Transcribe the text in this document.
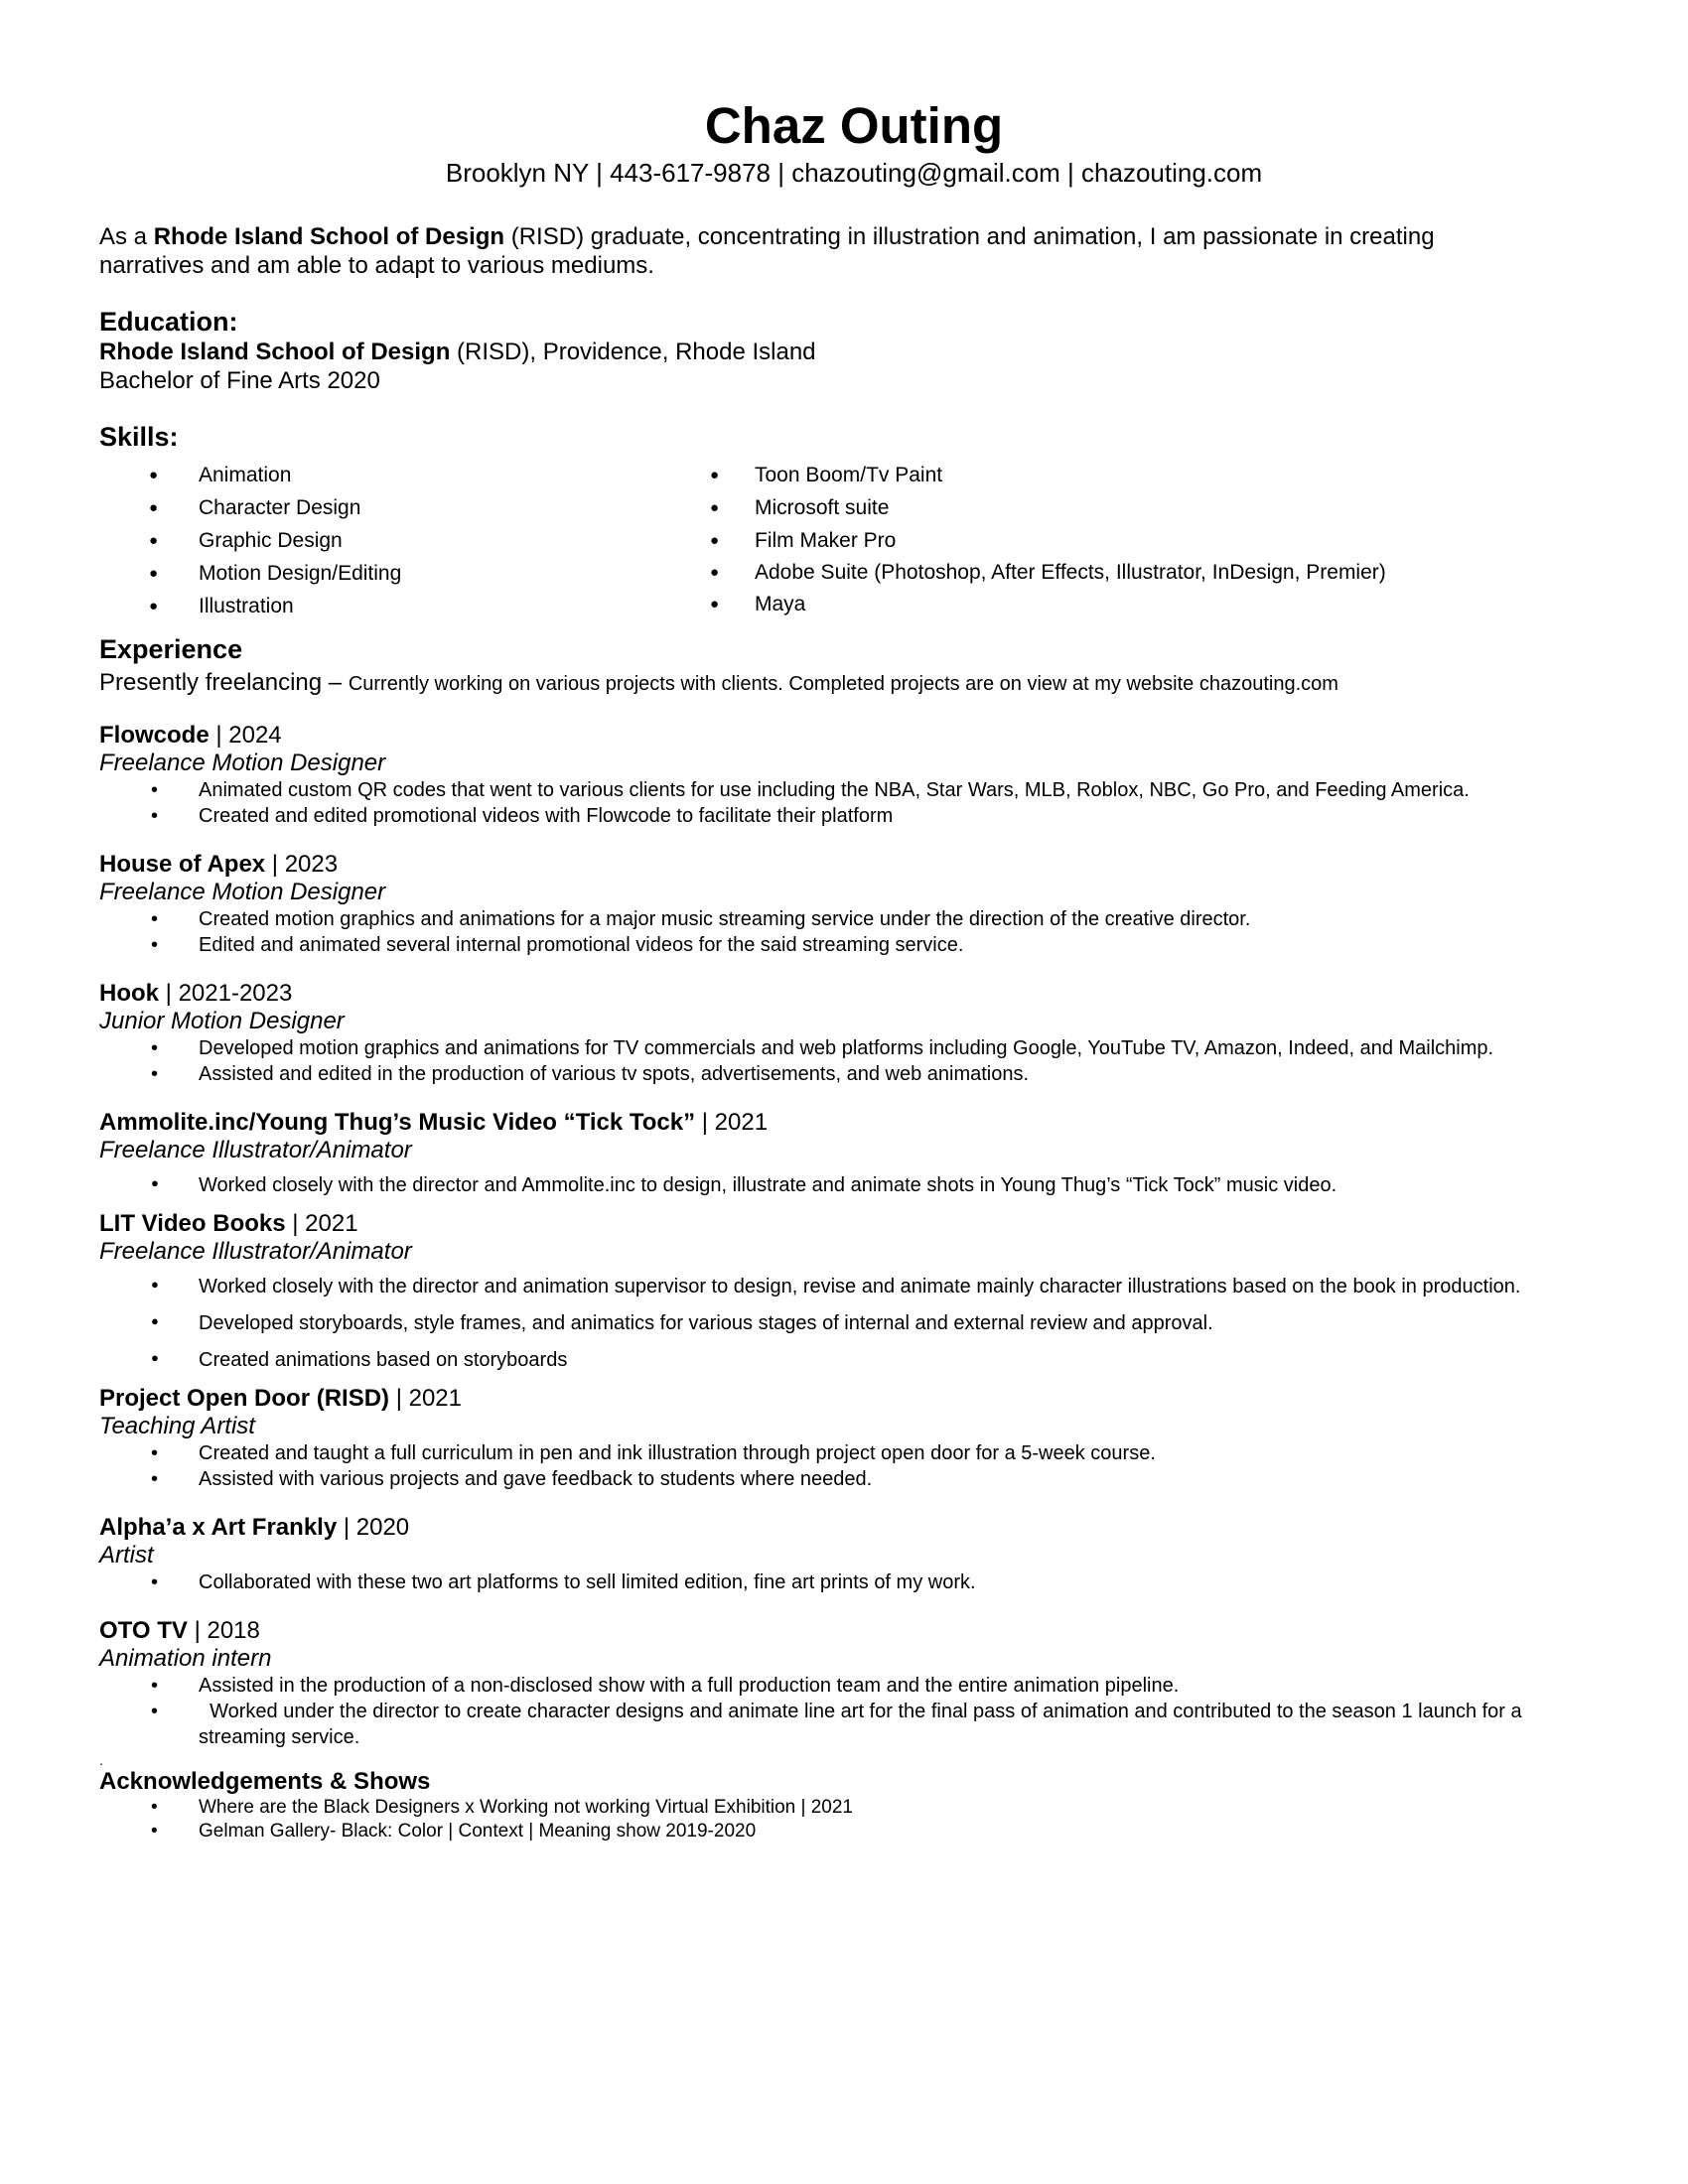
Chaz Outing
Brooklyn NY | 443-617-9878 | chazouting@gmail.com | chazouting.com

As a Rhode Island School of Design (RISD) graduate, concentrating in illustration and animation, I am passionate in creating narratives and am able to adapt to various mediums.

Education:
Rhode Island School of Design (RISD), Providence, Rhode Island
Bachelor of Fine Arts 2020
Skills:
● Animation
● Character Design
● Graphic Design
● Motion Design/Editing
● Illustration
● Toon Boom/Tv Paint
● Microsoft suite
● Film Maker Pro
● Adobe Suite (Photoshop, After Effects, Illustrator, InDesign, Premier)
● Maya
Experience
Presently freelancing – Currently working on various projects with clients. Completed projects are on view at my website chazouting.com
Flowcode | 2024
Freelance Motion Designer
• Animated custom QR codes that went to various clients for use including the NBA, Star Wars, MLB, Roblox, NBC, Go Pro, and Feeding America.
• Created and edited promotional videos with Flowcode to facilitate their platform
House of Apex | 2023
Freelance Motion Designer
• Created motion graphics and animations for a major music streaming service under the direction of the creative director.
• Edited and animated several internal promotional videos for the said streaming service.
Hook | 2021-2023
Junior Motion Designer
• Developed motion graphics and animations for TV commercials and web platforms including Google, YouTube TV, Amazon, Indeed, and Mailchimp.
• Assisted and edited in the production of various tv spots, advertisements, and web animations.
Ammolite.inc/Young Thug’s Music Video “Tick Tock” | 2021
Freelance Illustrator/Animator
● Worked closely with the director and Ammolite.inc to design, illustrate and animate shots in Young Thug’s “Tick Tock” music video.
LIT Video Books | 2021
Freelance Illustrator/Animator
● Worked closely with the director and animation supervisor to design, revise and animate mainly character illustrations based on the book in production.
● Developed storyboards, style frames, and animatics for various stages of internal and external review and approval.
● Created animations based on storyboards
Project Open Door (RISD) | 2021
Teaching Artist
• Created and taught a full curriculum in pen and ink illustration through project open door for a 5-week course.
• Assisted with various projects and gave feedback to students where needed.
Alpha’a x Art Frankly | 2020
Artist
• Collaborated with these two art platforms to sell limited edition, fine art prints of my work.
OTO TV | 2018
Animation intern
• Assisted in the production of a non-disclosed show with a full production team and the entire animation pipeline.
•   Worked under the director to create character designs and animate line art for the final pass of animation and contributed to the season 1 launch for a streaming service.
.
Acknowledgements & Shows
• Where are the Black Designers x Working not working Virtual Exhibition | 2021
• Gelman Gallery- Black: Color | Context | Meaning show 2019-2020
